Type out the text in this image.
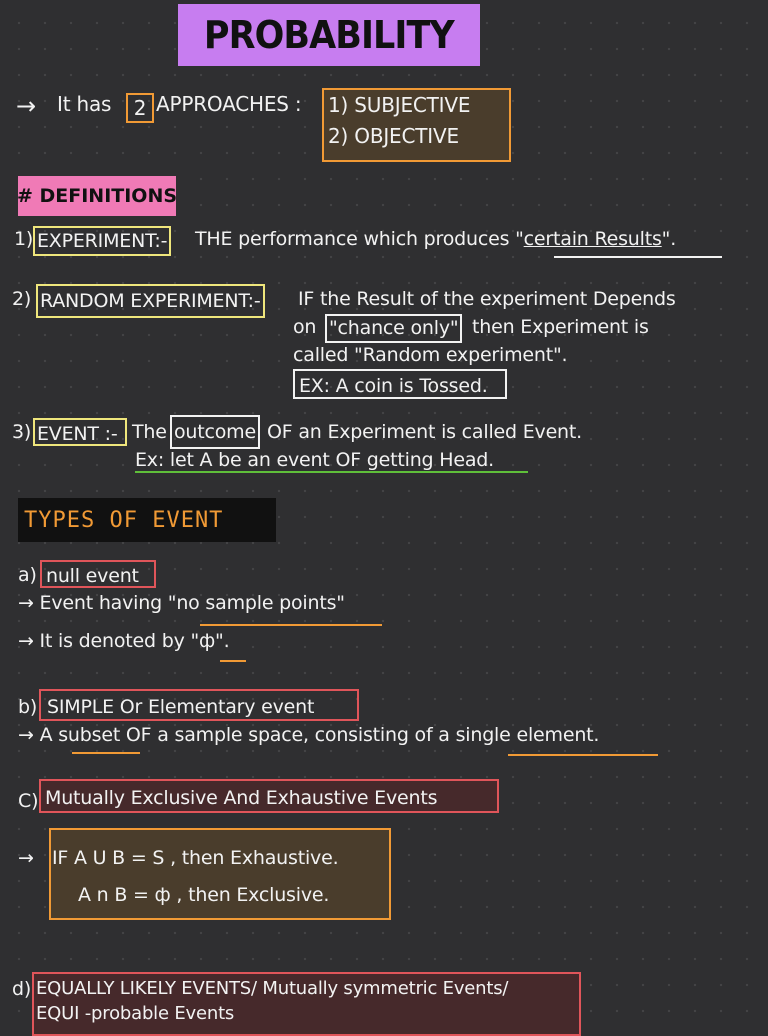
PROBABILITY
→ It has	2 APPROACHES : 1) SUBJECTIVE
2) OBJECTIVE
# DEFINITIONS
1) EXPERIMENT:- THE performance which produces "certain Results".
2) RANDOM EXPERIMENT:- IF the Result of the experiment Depends
on "chance only" then Experiment is
called "Random experiment".
EX: A coin is Tossed.
3) EVENT :- The outcome OF an Experiment is called Event.
Ex: let A be an event OF getting Head.
TYPES OF EVENT
a) null event
→ Event having "no sample points"
→ It is denoted by "ф".
b) SIMPLE Or Elementary event
→ A subset OF a sample space, consisting of a single element.
C) Mutually Exclusive And Exhaustive Events
→ IF A U B = S , then Exhaustive.
A n B = ф , then Exclusive.
d) EQUALLY LIKELY EVENTS/ Mutually symmetric Events/
EQUI -probable Events
